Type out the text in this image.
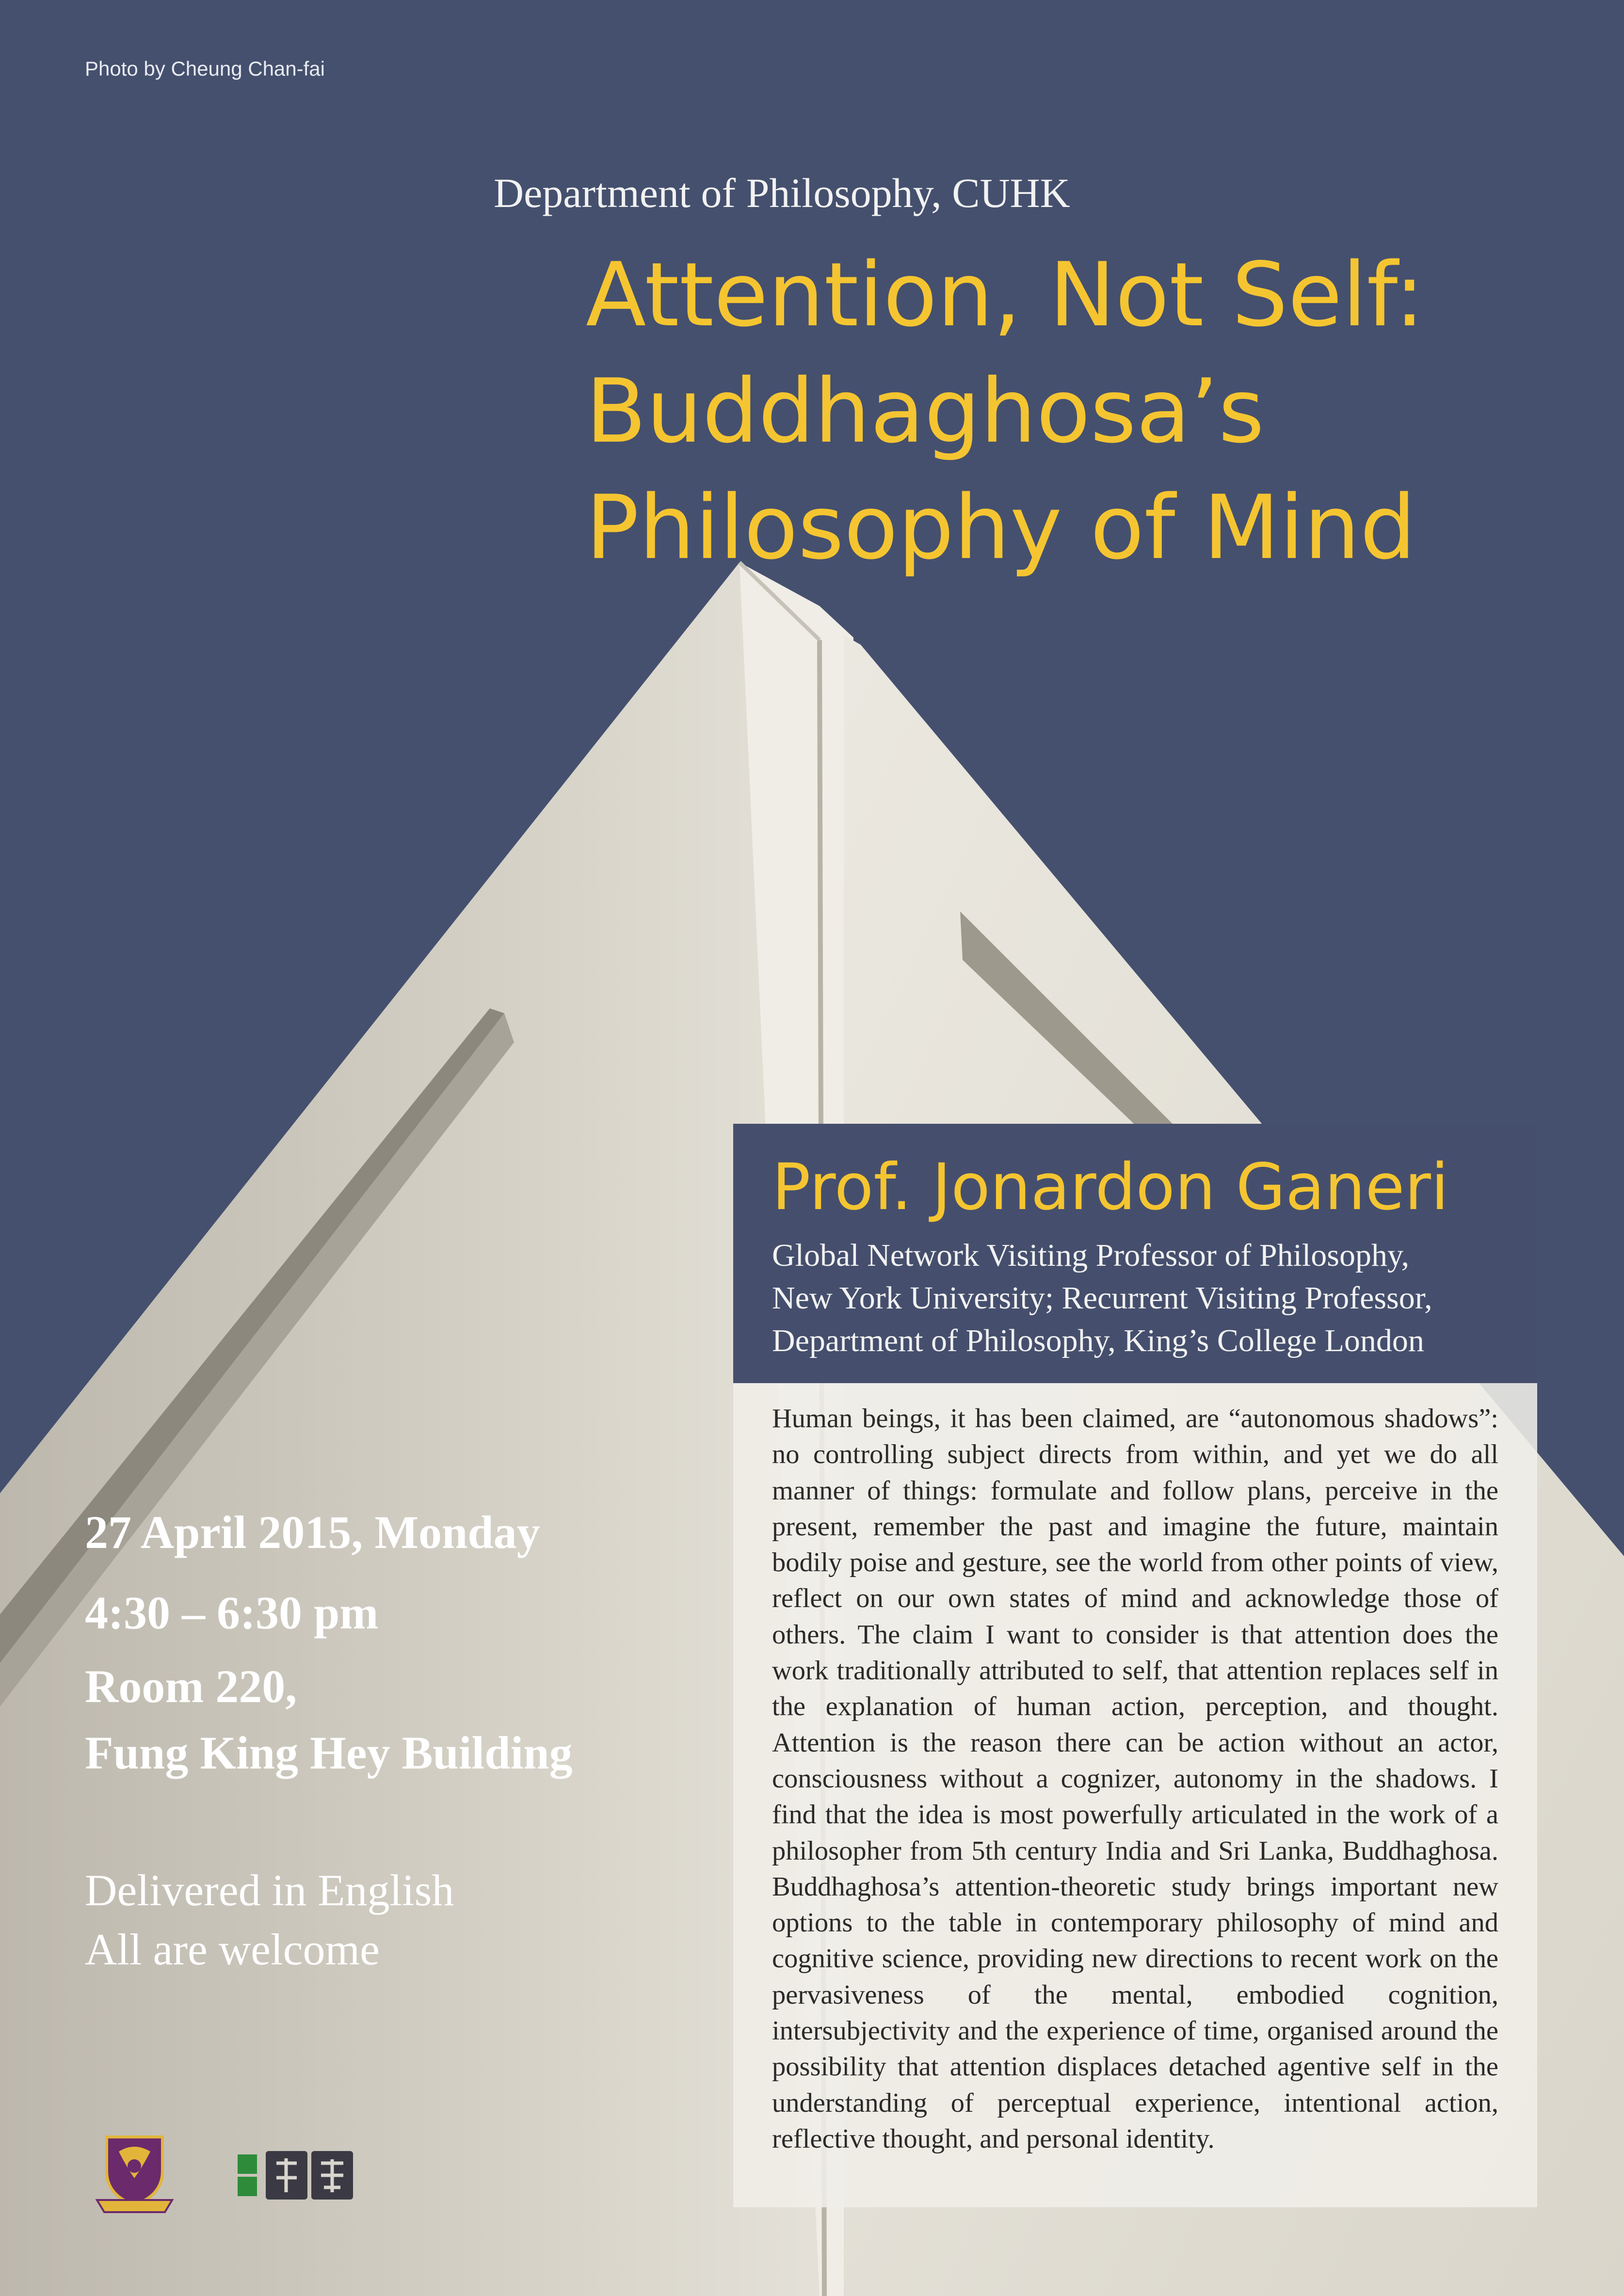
Photo by Cheung Chan-fai
Department of Philosophy, CUHK
Attention, Not Self:
Buddhaghosa’s
Philosophy of Mind
Prof. Jonardon Ganeri
Global Network Visiting Professor of Philosophy,
New York University; Recurrent Visiting Professor,
Department of Philosophy, King’s College London
Human beings, it has been claimed, are “autonomous shadows”: no controlling subject directs from within, and yet we do all manner of things: formulate and follow plans, perceive in the present, remember the past and imagine the future, maintain bodily poise and gesture, see the world from other points of view, reflect on our own states of mind and acknowledge those of others. The claim I want to consider is that attention does the work traditionally attributed to self, that attention replaces self in the explanation of human action, perception, and thought. Attention is the reason there can be action without an actor, consciousness without a cognizer, autonomy in the shadows. I find that the idea is most powerfully articulated in the work of a philosopher from 5th century India and Sri Lanka, Buddhaghosa. Buddhaghosa’s attention-theoretic study brings important new options to the table in contemporary philosophy of mind and cognitive science, providing new directions to recent work on the pervasiveness of the mental, embodied cognition, intersubjectivity and the experience of time, organised around the possibility that attention displaces detached agentive self in the understanding of perceptual experience, intentional action, reflective thought, and personal identity.
27 April 2015, Monday
4:30 – 6:30 pm
Room 220,
Fung King Hey Building
Delivered in English
All are welcome
